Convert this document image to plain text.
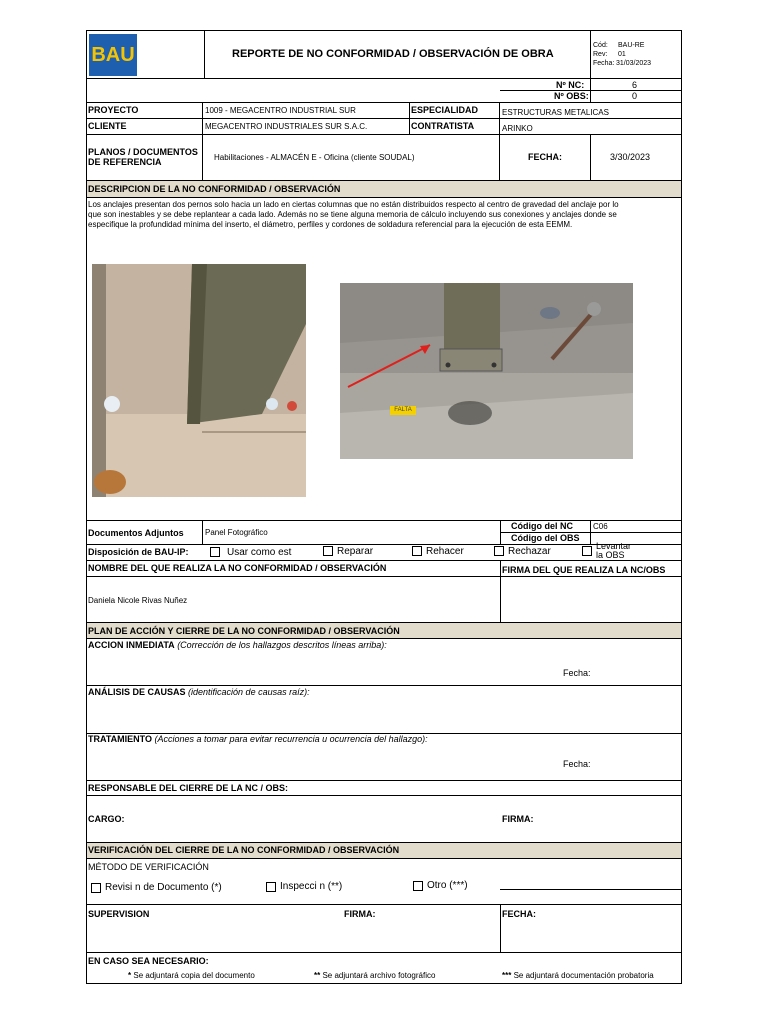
BAU	REPORTE DE NO CONFORMIDAD / OBSERVACIÓN DE OBRA
Cód: BAU-RE
Rev: 01
Fecha: 31/03/2023
Nº NC:	6
Nº OBS:	0
PROYECTO	1009 - MEGACENTRO INDUSTRIAL SUR	ESPECIALIDAD	ESTRUCTURAS METALICAS
CLIENTE	MEGACENTRO INDUSTRIALES SUR S.A.C.	CONTRATISTA	ARINKO
PLANOS / DOCUMENTOS
DE REFERENCIA	Habilitaciones - ALMACÉN E - Oficina (cliente SOUDAL)	FECHA:	3/30/2023
DESCRIPCION DE LA NO CONFORMIDAD / OBSERVACIÓN
Los anclajes presentan dos pernos solo hacia un lado en ciertas columnas que no están distribuidos respecto al centro de gravedad del anclaje por lo
que son inestables y se debe replantear a cada lado. Además no se tiene alguna memoria de cálculo incluyendo sus conexiones y anclajes donde se
especifique la profundidad mínima del inserto, el diámetro, perfiles y cordones de soldadura referencial para la ejecución de esta EEMM.
FALTA
Documentos Adjuntos	Panel Fotográfico
Código del NC	C06
Código del OBS
Disposición de BAU-IP:	Usar como est	Reparar	Rehacer	Rechazar	Levantar la OBS
NOMBRE DEL QUE REALIZA LA NO CONFORMIDAD / OBSERVACIÓN	FIRMA DEL QUE REALIZA LA NC/OBS
Daniela Nicole Rivas Nuñez
PLAN DE ACCIÓN Y CIERRE DE LA NO CONFORMIDAD / OBSERVACIÓN
ACCION INMEDIATA (Corrección de los hallazgos descritos líneas arriba):
Fecha:
ANÁLISIS DE CAUSAS (identificación de causas raíz):
TRATAMIENTO (Acciones a tomar para evitar recurrencia u ocurrencia del hallazgo):
Fecha:
RESPONSABLE DEL CIERRE DE LA NC / OBS:
CARGO:	FIRMA:
VERIFICACIÓN DEL CIERRE DE LA NO CONFORMIDAD / OBSERVACIÓN
MÉTODO DE VERIFICACIÓN
Revisi n de Documento (*)	Inspecci n (**)	Otro (***)
SUPERVISION	FIRMA:	FECHA:
EN CASO SEA NECESARIO:
* Se adjuntará copia del documento	** Se adjuntará archivo fotográfico	*** Se adjuntará documentación probatoria
